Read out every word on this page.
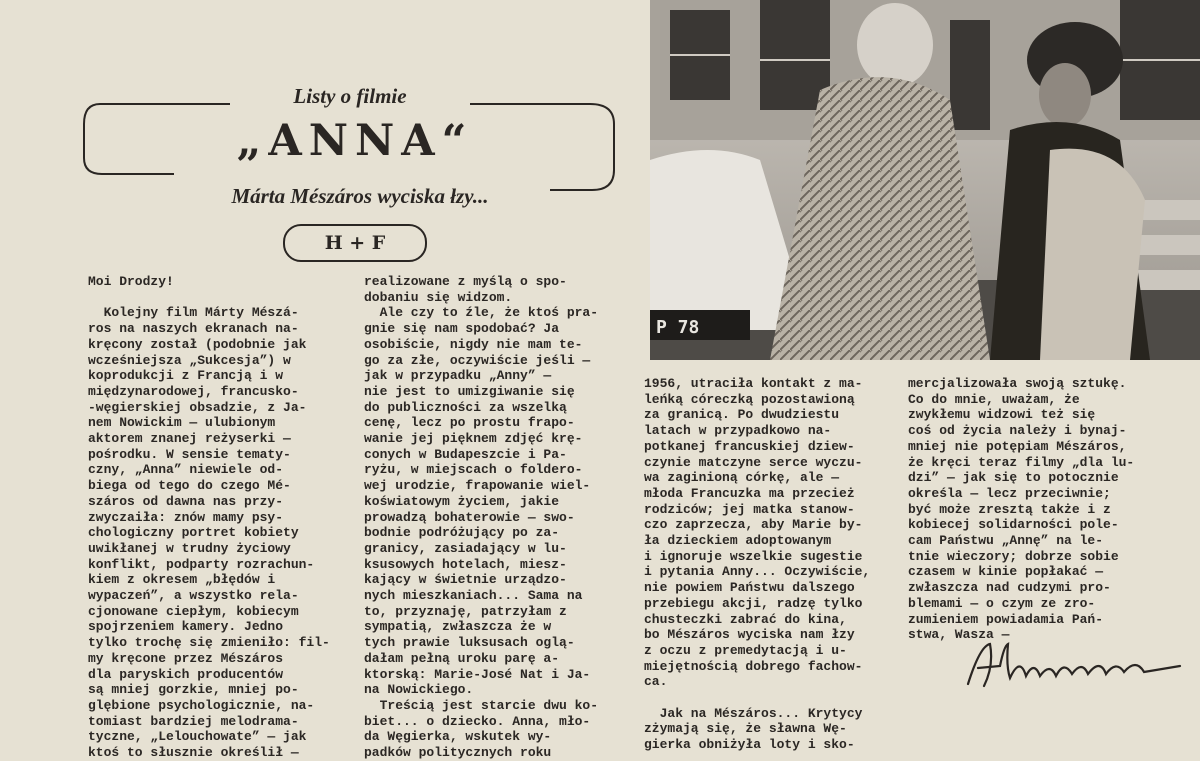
Listy o filmie
„ANNA“
Márta Mészáros wyciska łzy...
H + F
Moi Drodzy!

Kolejny film Márty Mészá-
ros na naszych ekranach na-
kręcony został (podobnie jak
wcześniejsza „Sukcesja”) w
koprodukcji z Francją i w
międzynarodowej, francusko-
-węgierskiej obsadzie, z Ja-
nem Nowickim — ulubionym
aktorem znanej reżyserki —
pośrodku. W sensie tematy-
czny, „Anna” niewiele od-
biega od tego do czego Mé-
száros od dawna nas przy-
zwyczaiła: znów mamy psy-
chologiczny portret kobiety
uwikłanej w trudny życiowy
konflikt, podparty rozrachun-
kiem z okresem „błędów i
wypaczeń”, a wszystko rela-
cjonowane ciepłym, kobiecym
spojrzeniem kamery. Jedno
tylko trochę się zmieniło: fil-
my kręcone przez Mészáros
dla paryskich producentów
są mniej gorzkie, mniej po-
glębione psychologicznie, na-
tomiast bardziej melodrama-
tyczne, „Lelouchowate” — jak
ktoś to słusznie określił —
realizowane z myślą o spo-
dobaniu się widzom.
Ale czy to źle, że ktoś pra-
gnie się nam spodobać? Ja
osobiście, nigdy nie mam te-
go za złe, oczywiście jeśli —
jak w przypadku „Anny” —
nie jest to umizgiwanie się
do publiczności za wszelką
cenę, lecz po prostu frapo-
wanie jej pięknem zdjęć krę-
conych w Budapeszcie i Pa-
ryżu, w miejscach o foldero-
wej urodzie, frapowanie wiel-
koświatowym życiem, jakie
prowadzą bohaterowie — swo-
bodnie podróżujący po za-
granicy, zasiadający w lu-
ksusowych hotelach, miesz-
kający w świetnie urządzo-
nych mieszkaniach... Sama na
to, przyznaję, patrzyłam z
sympatią, zwłaszcza że w
tych prawie luksusach oglą-
dałam pełną uroku parę a-
ktorską: Marie-José Nat i Ja-
na Nowickiego.
Treścią jest starcie dwu ko-
biet... o dziecko. Anna, mło-
da Węgierka, wskutek wy-
padków politycznych roku
1956, utraciła kontakt z ma-
leńką córeczką pozostawioną
za granicą. Po dwudziestu
latach w przypadkowo na-
potkanej francuskiej dziew-
czynie matczyne serce wyczu-
wa zaginioną córkę, ale —
młoda Francuzka ma przecież
rodziców; jej matka stanow-
czo zaprzecza, aby Marie by-
ła dzieckiem adoptowanym
i ignoruje wszelkie sugestie
i pytania Anny... Oczywiście,
nie powiem Państwu dalszego
przebiegu akcji, radzę tylko
chusteczki zabrać do kina,
bo Mészáros wyciska nam łzy
z oczu z premedytacją i u-
miejętnością dobrego fachow-
ca.

Jak na Mészáros... Krytycy
zżymają się, że sławna Wę-
gierka obniżyła loty i sko-
mercjalizowała swoją sztukę.
Co do mnie, uważam, że
zwykłemu widzowi też się
coś od życia należy i bynaj-
mniej nie potępiam Mészáros,
że kręci teraz filmy „dla lu-
dzi” — jak się to potocznie
określa — lecz przeciwnie;
być może zresztą także i z
kobiecej solidarności pole-
cam Państwu „Annę” na le-
tnie wieczory; dobrze sobie
czasem w kinie popłakać —
zwłaszcza nad cudzymi pro-
blemami — o czym ze zro-
zumieniem powiadamia Pań-
stwa, Wasza —
P 78
